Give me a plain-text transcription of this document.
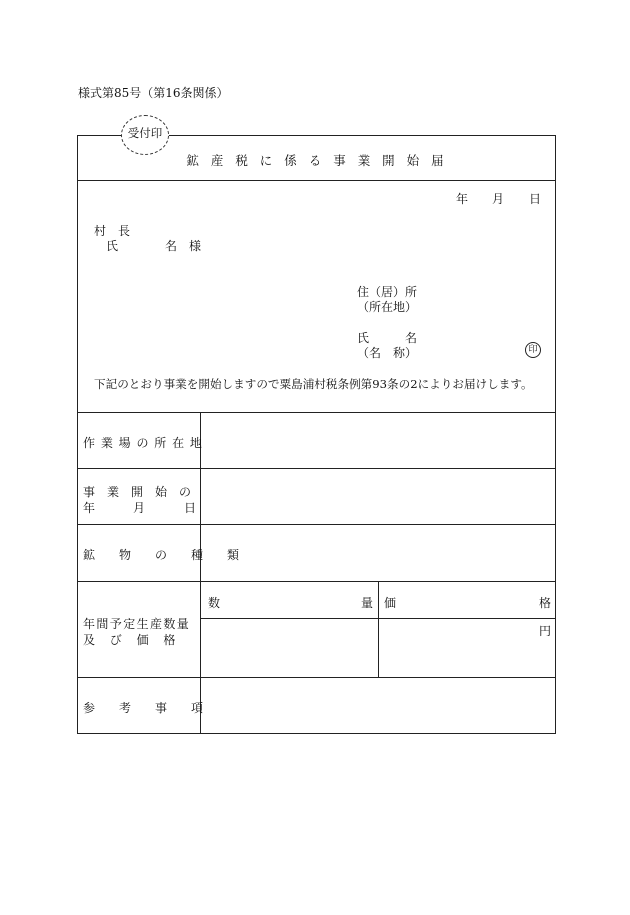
様式第85号（第16条関係）
受付印
鉱 産 税 に 係 る 事 業 開 始 届
年 月 日
村　長
氏	名　様
住（居）所
（所在地）
氏　　　名
（名　称）	印
下記のとおり事業を開始しますので粟島浦村税条例第93条の2によりお届けします。
作 業 場 の 所 在 地
事　業　開　始　の
年	月	日
鉱　　物　　の　　種　　類
年間予定生産数量
及　び　価　格
数	量 価	格
円
参　　考　　事　　項
